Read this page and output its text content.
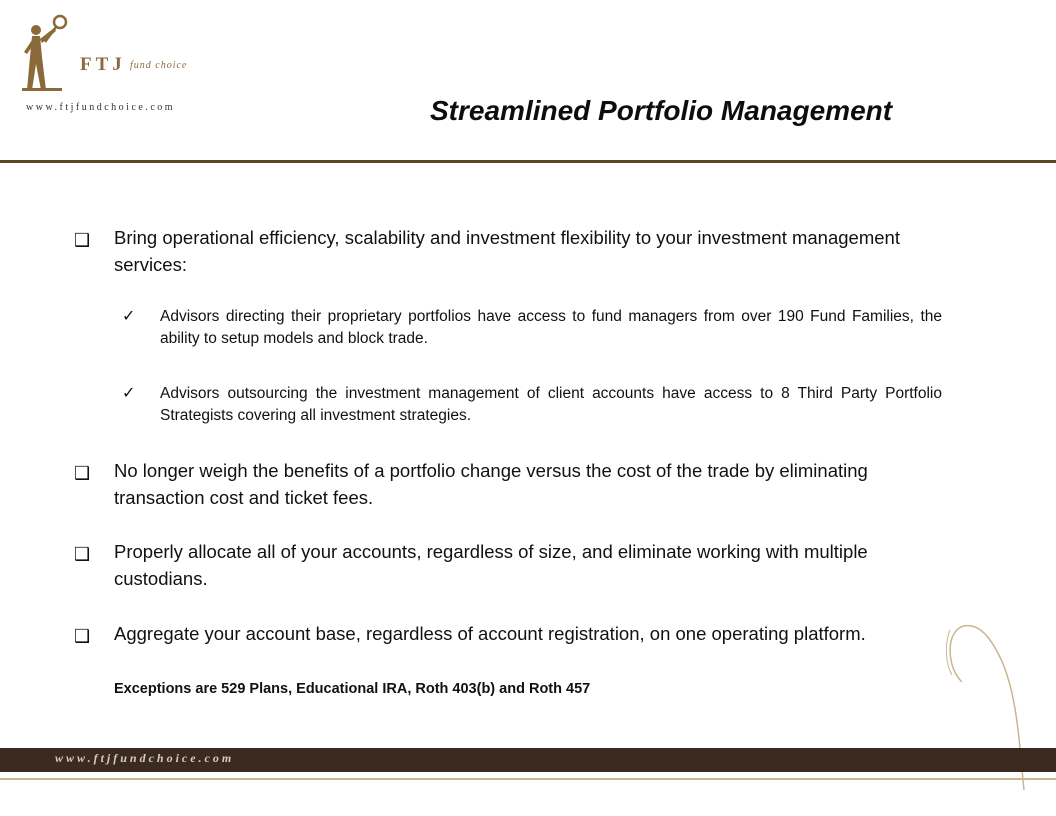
FTJ fund choice
www.ftjfundchoice.com	Streamlined Portfolio Management
❑ Bring operational efficiency, scalability and investment flexibility to your investment management services:
✓ Advisors directing their proprietary portfolios have access to fund managers from over 190 Fund Families, the ability to setup models and block trade.
✓ Advisors outsourcing the investment management of client accounts have access to 8 Third Party Portfolio Strategists covering all investment strategies.
❑ No longer weigh the benefits of a portfolio change versus the cost of the trade by eliminating transaction cost and ticket fees.
❑ Properly allocate all of your accounts, regardless of size, and eliminate working with multiple custodians.
❑ Aggregate your account base, regardless of account registration, on one operating platform.
Exceptions are 529 Plans, Educational IRA, Roth 403(b) and Roth 457
www.ftjfundchoice.com
